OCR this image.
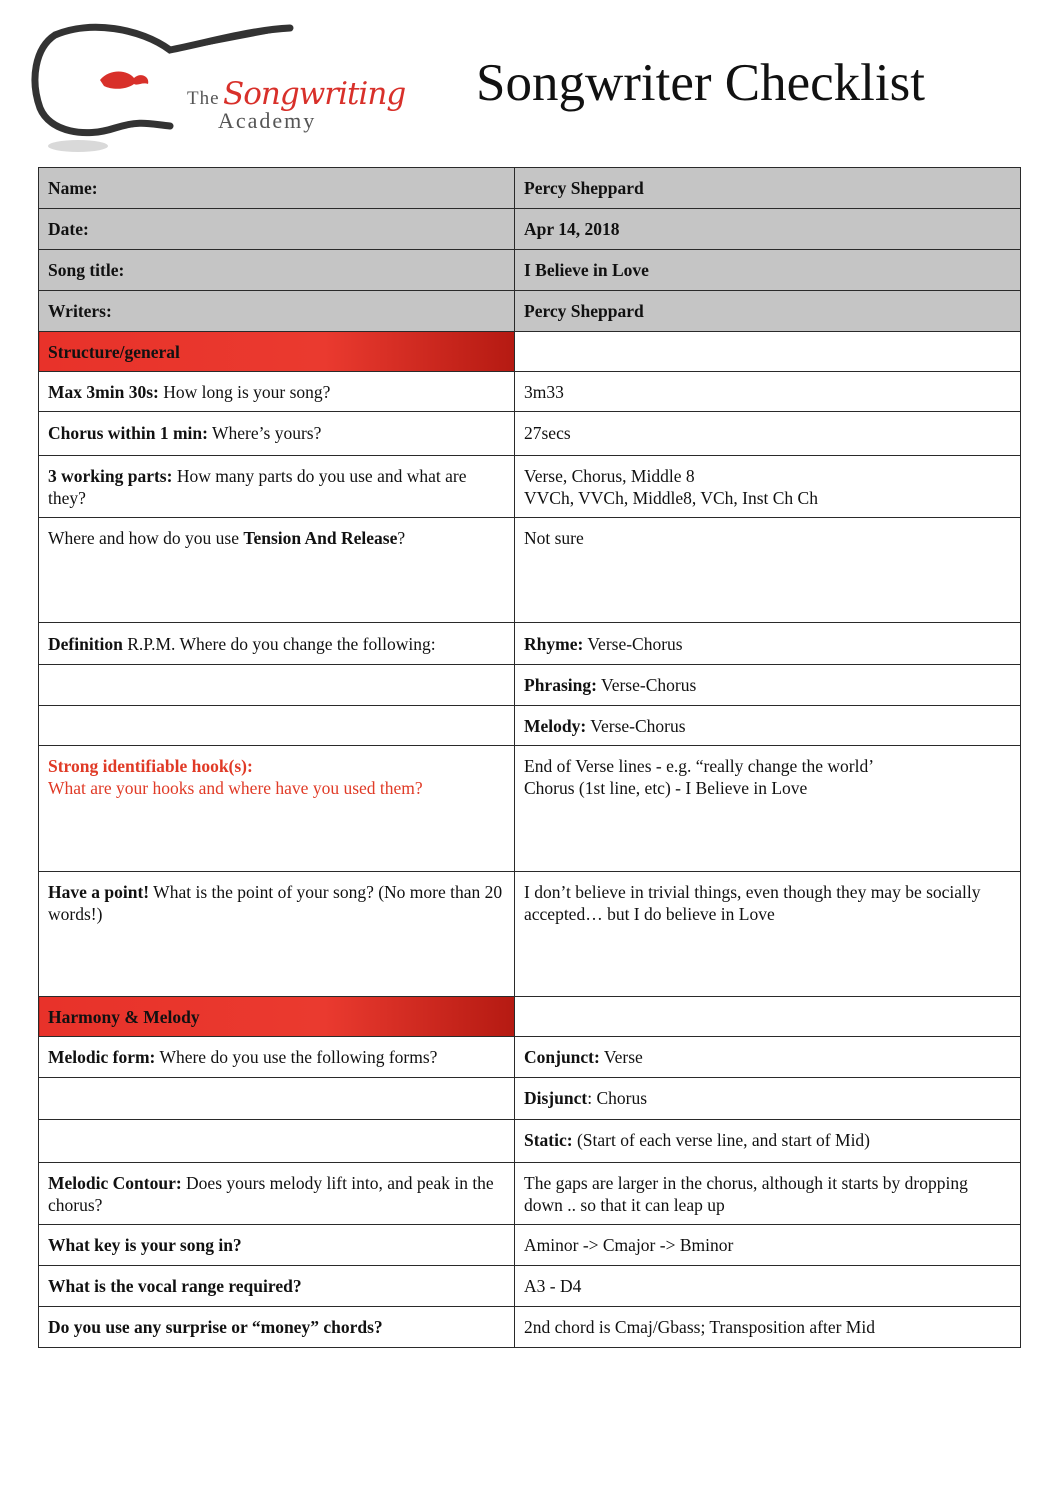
The Songwriting
Academy
Songwriter Checklist
Name:	Percy Sheppard
Date:	Apr 14, 2018
Song title:	I Believe in Love
Writers:	Percy Sheppard
Structure/general	
Max 3min 30s: How long is your song?	3m33
Chorus within 1 min: Where’s yours?	27secs
3 working parts: How many parts do you use and what are they?	Verse, Chorus, Middle 8
VVCh, VVCh, Middle8, VCh, Inst Ch Ch

Where and how do you use Tension And Release?	Not sure
Definition R.P.M. Where do you change the following:	Rhyme: Verse-Chorus
	Phrasing: Verse-Chorus
	Melody: Verse-Chorus

Strong identifiable hook(s):
What are your hooks and where have you used them?	End of Verse lines - e.g. “really change the world’
Chorus (1st line, etc) - I Believe in Love

Have a point! What is the point of your song? (No more than 20 words!)	I don’t believe in trivial things, even though they may be socially accepted… but I do believe in Love
Harmony & Melody	
Melodic form: Where do you use the following forms?	Conjunct: Verse
	Disjunct: Chorus
	Static: (Start of each verse line, and start of Mid)
Melodic Contour: Does yours melody lift into, and peak in the chorus?	The gaps are larger in the chorus, although it starts by dropping down .. so that it can leap up
What key is your song in?	Aminor -> Cmajor -> Bminor
What is the vocal range required?	A3 - D4
Do you use any surprise or “money” chords?	2nd chord is Cmaj/Gbass; Transposition after Mid
